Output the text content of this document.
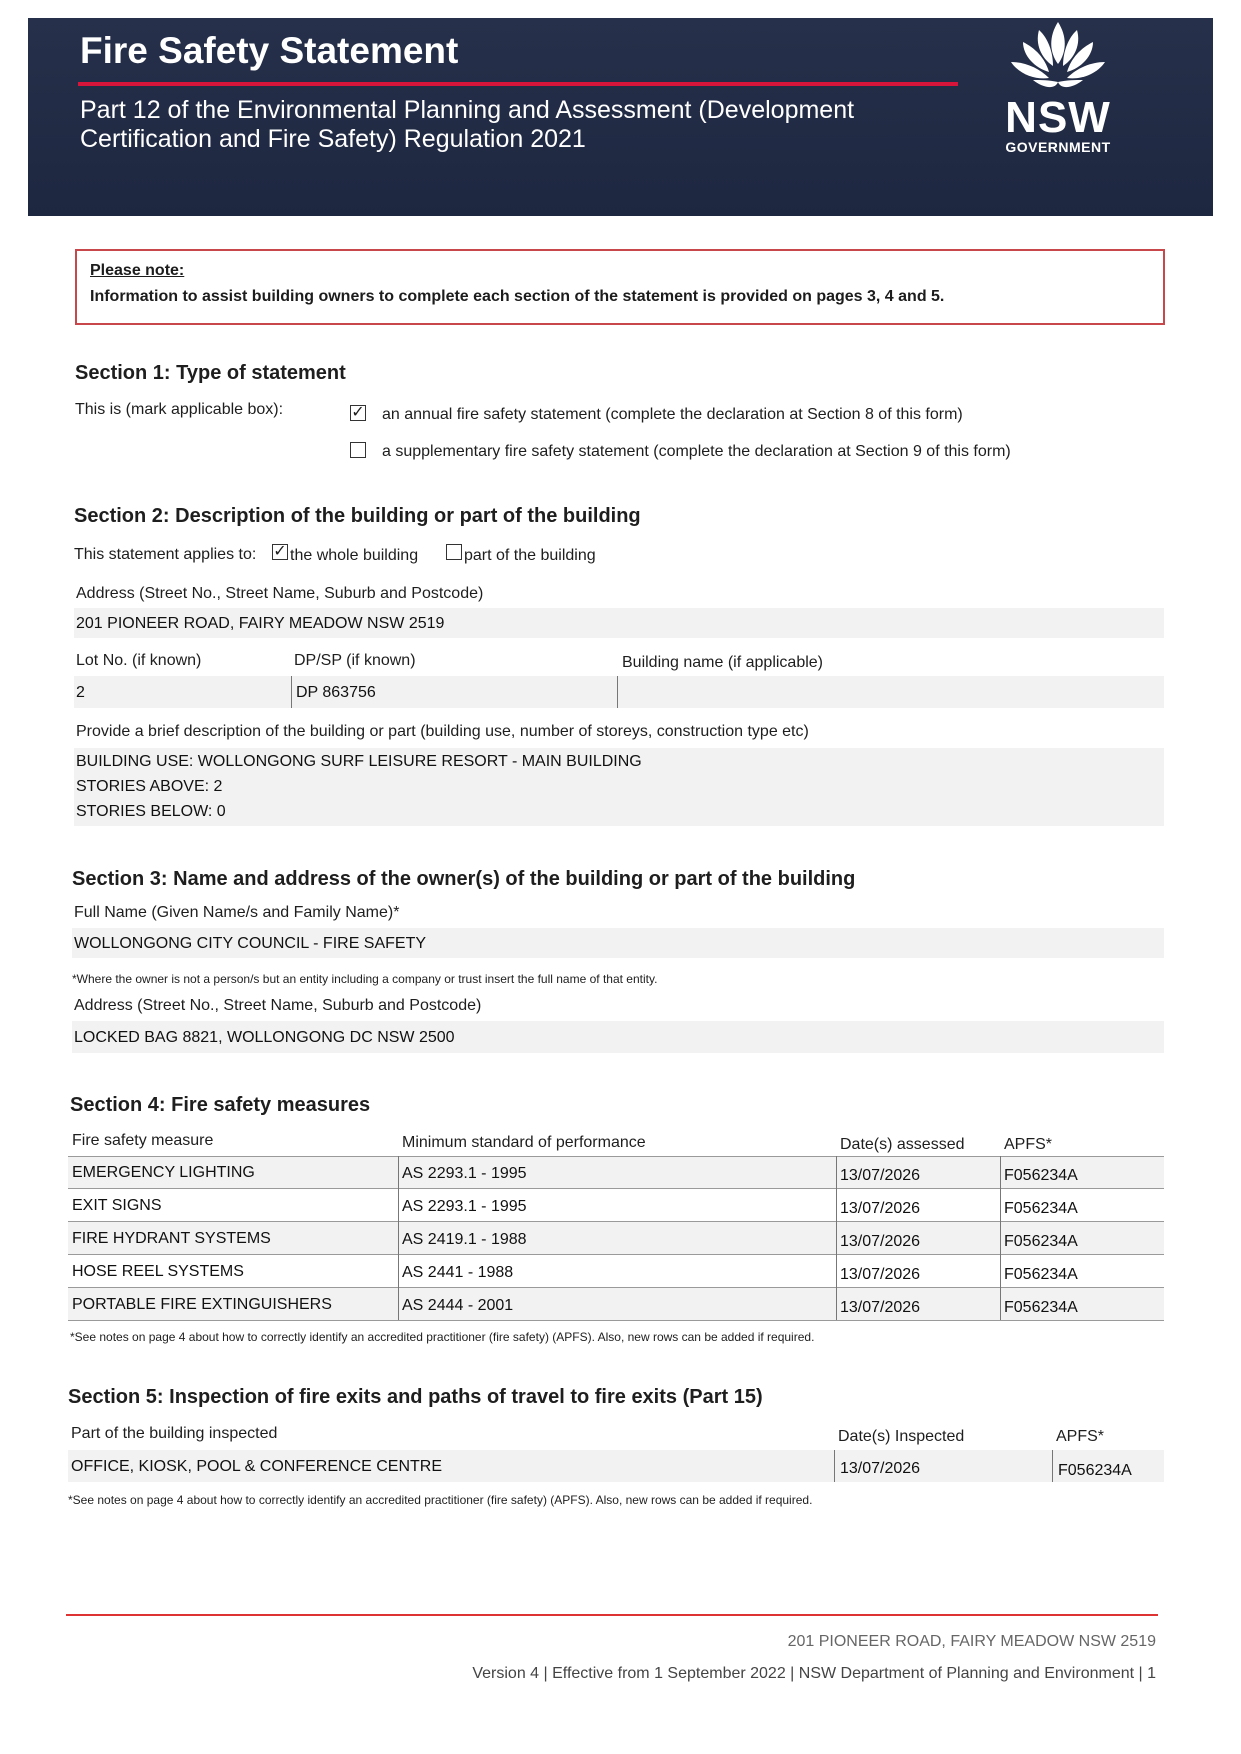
Fire Safety Statement
Part 12 of the Environmental Planning and Assessment (Development Certification and Fire Safety) Regulation 2021	NSW
GOVERNMENT
Please note:
Information to assist building owners to complete each section of the statement is provided on pages 3, 4 and 5.
Section 1: Type of statement
This is (mark applicable box):	✓ an annual fire safety statement (complete the declaration at Section 8 of this form)
a supplementary fire safety statement (complete the declaration at Section 9 of this form)
Section 2: Description of the building or part of the building
This statement applies to: ✓ the whole building	part of the building
Address (Street No., Street Name, Suburb and Postcode)
201 PIONEER ROAD, FAIRY MEADOW NSW 2519
Lot No. (if known)	DP/SP (if known)	Building name (if applicable)
2	DP 863756
Provide a brief description of the building or part (building use, number of storeys, construction type etc)
BUILDING USE: WOLLONGONG SURF LEISURE RESORT - MAIN BUILDING
STORIES ABOVE: 2
STORIES BELOW: 0
Section 3: Name and address of the owner(s) of the building or part of the building
Full Name (Given Name/s and Family Name)*
WOLLONGONG CITY COUNCIL - FIRE SAFETY
*Where the owner is not a person/s but an entity including a company or trust insert the full name of that entity.
Address (Street No., Street Name, Suburb and Postcode)
LOCKED BAG 8821, WOLLONGONG DC NSW 2500
Section 4: Fire safety measures
Fire safety measure	Minimum standard of performance	Date(s) assessed APFS*
EMERGENCY LIGHTING	AS 2293.1 - 1995	13/07/2026	F056234A
EXIT SIGNS	AS 2293.1 - 1995	13/07/2026	F056234A
FIRE HYDRANT SYSTEMS	AS 2419.1 - 1988	13/07/2026	F056234A
HOSE REEL SYSTEMS	AS 2441 - 1988	13/07/2026	F056234A
PORTABLE FIRE EXTINGUISHERS	AS 2444 - 2001	13/07/2026	F056234A
*See notes on page 4 about how to correctly identify an accredited practitioner (fire safety) (APFS). Also, new rows can be added if required.
Section 5: Inspection of fire exits and paths of travel to fire exits (Part 15)
Part of the building inspected	Date(s) Inspected	APFS*
OFFICE, KIOSK, POOL & CONFERENCE CENTRE	13/07/2026	F056234A
*See notes on page 4 about how to correctly identify an accredited practitioner (fire safety) (APFS). Also, new rows can be added if required.
201 PIONEER ROAD, FAIRY MEADOW NSW 2519
Version 4 | Effective from 1 September 2022 | NSW Department of Planning and Environment | 1
